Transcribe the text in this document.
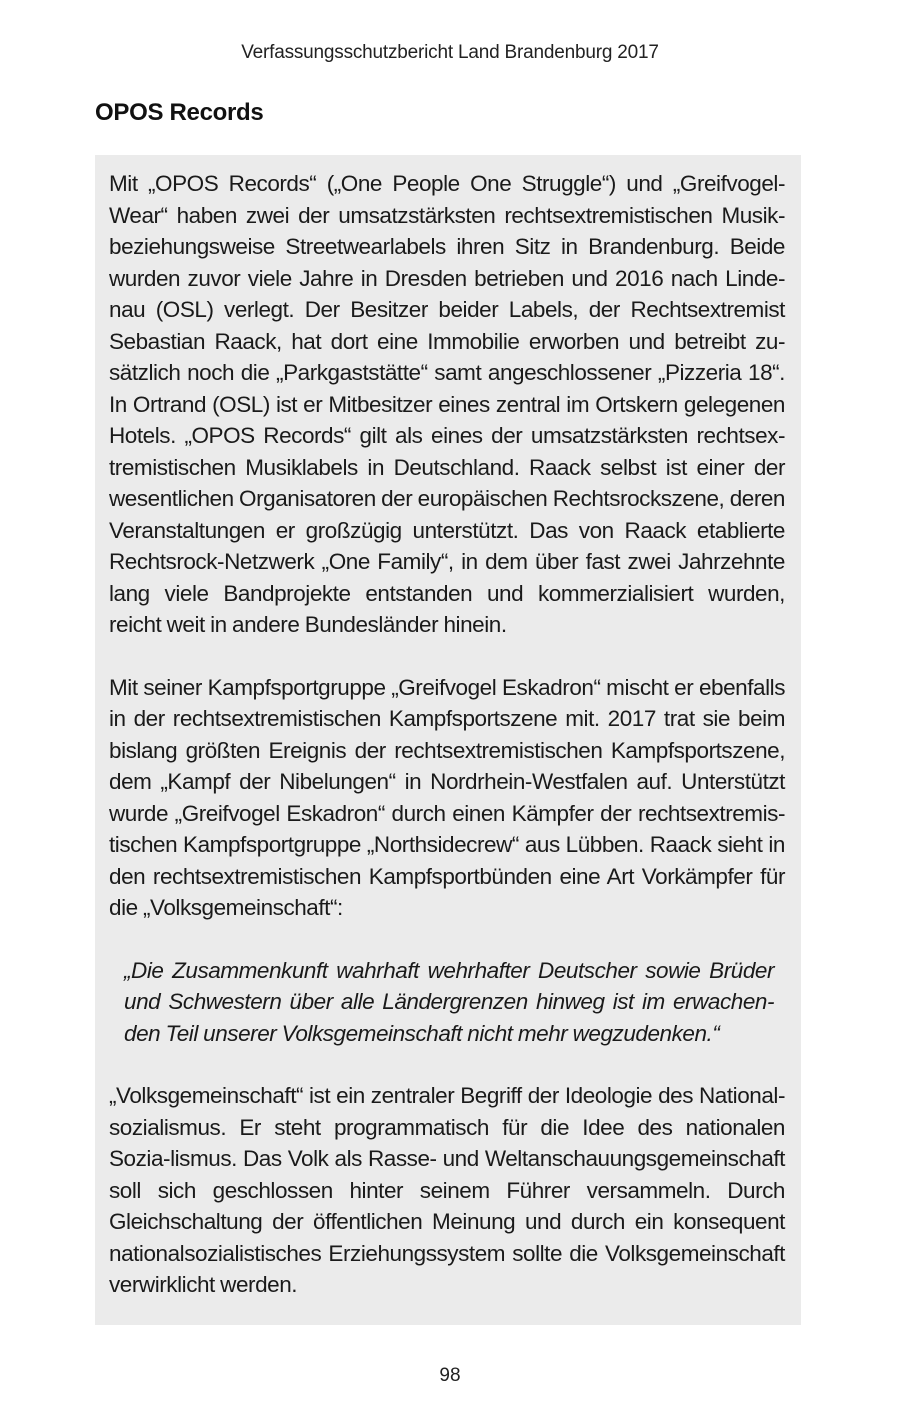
Verfassungsschutzbericht Land Brandenburg 2017
OPOS Records

Mit „OPOS Records“ („One People One Struggle“) und „Greifvogel-Wear“ haben zwei der umsatzstärksten rechtsextremistischen Musik-beziehungsweise Streetwearlabels ihren Sitz in Brandenburg. Beide wurden zuvor viele Jahre in Dresden betrieben und 2016 nach Linde-nau (OSL) verlegt. Der Besitzer beider Labels, der Rechtsextremist Sebastian Raack, hat dort eine Immobilie erworben und betreibt zu-sätzlich noch die „Parkgaststätte“ samt angeschlossener „Pizzeria 18“. In Ortrand (OSL) ist er Mitbesitzer eines zentral im Ortskern gelegenen Hotels. „OPOS Records“ gilt als eines der umsatzstärksten rechtsex-tremistischen Musiklabels in Deutschland. Raack selbst ist einer der wesentlichen Organisatoren der europäischen Rechtsrockszene, deren Veranstaltungen er großzügig unterstützt. Das von Raack etablierte Rechtsrock-Netzwerk „One Family“, in dem über fast zwei Jahrzehnte lang viele Bandprojekte entstanden und kommerzialisiert wurden, reicht weit in andere Bundesländer hinein.

Mit seiner Kampfsportgruppe „Greifvogel Eskadron“ mischt er ebenfalls in der rechtsextremistischen Kampfsportszene mit. 2017 trat sie beim bislang größten Ereignis der rechtsextremistischen Kampfsportszene, dem „Kampf der Nibelungen“ in Nordrhein-Westfalen auf. Unterstützt wurde „Greifvogel Eskadron“ durch einen Kämpfer der rechtsextremis-tischen Kampfsportgruppe „Northsidecrew“ aus Lübben. Raack sieht in den rechtsextremistischen Kampfsportbünden eine Art Vorkämpfer für die „Volksgemeinschaft“:

„Die Zusammenkunft wahrhaft wehrhafter Deutscher sowie Brüder und Schwestern über alle Ländergrenzen hinweg ist im erwachen-den Teil unserer Volksgemeinschaft nicht mehr wegzudenken.“

„Volksgemeinschaft“ ist ein zentraler Begriff der Ideologie des National-sozialismus. Er steht programmatisch für die Idee des nationalen Sozia-lismus. Das Volk als Rasse- und Weltanschauungsgemeinschaft soll sich geschlossen hinter seinem Führer versammeln. Durch Gleichschaltung der öffentlichen Meinung und durch ein konsequent nationalsozialistisches Erziehungssystem sollte die Volksgemeinschaft verwirklicht werden.

98
